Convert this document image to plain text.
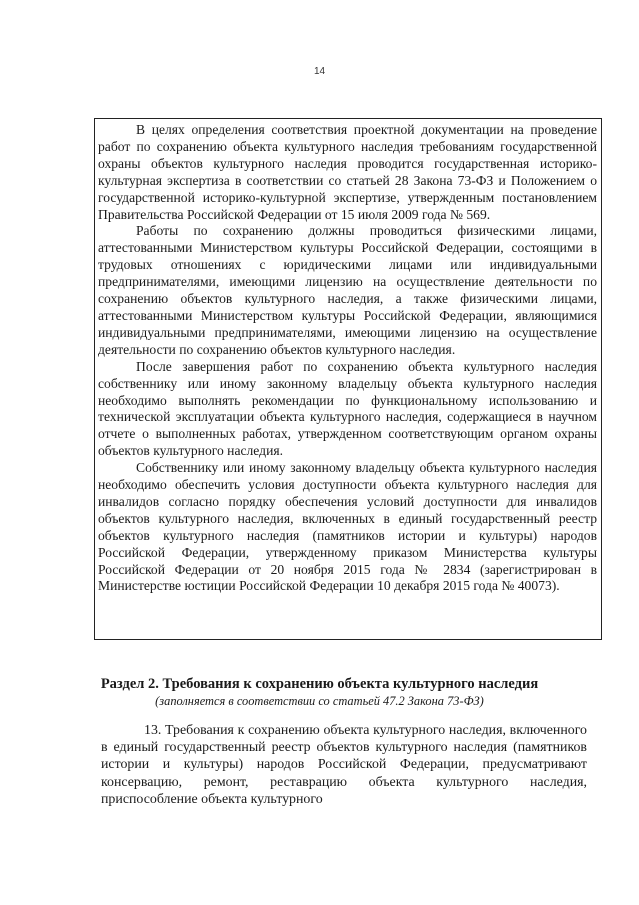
14

В целях определения соответствия проектной документации на проведение работ по сохранению объекта культурного наследия требованиям государственной охраны объектов культурного наследия проводится государственная историко-культурная экспертиза в соответствии со статьей 28 Закона 73-ФЗ и Положением о государственной историко-культурной экспертизе, утвержденным постановлением Правительства Российской Федерации от 15 июля 2009 года № 569.

Работы по сохранению должны проводиться физическими лицами, аттестованными Министерством культуры Российской Федерации, состоящими в трудовых отношениях с юридическими лицами или индивидуальными предпринимателями, имеющими лицензию на осуществление деятельности по сохранению объектов культурного наследия, а также физическими лицами, аттестованными Министерством культуры Российской Федерации, являющимися индивидуальными предпринимателями, имеющими лицензию на осуществление деятельности по сохранению объектов культурного наследия.

После завершения работ по сохранению объекта культурного наследия собственнику или иному законному владельцу объекта культурного наследия необходимо выполнять рекомендации по функциональному использованию и технической эксплуатации объекта культурного наследия, содержащиеся в научном отчете о выполненных работах, утвержденном соответствующим органом охраны объектов культурного наследия.

Собственнику или иному законному владельцу объекта культурного наследия необходимо обеспечить условия доступности объекта культурного наследия для инвалидов согласно порядку обеспечения условий доступности для инвалидов объектов культурного наследия, включенных в единый государственный реестр объектов культурного наследия (памятников истории и культуры) народов Российской Федерации, утвержденному приказом Министерства культуры Российской Федерации от 20 ноября 2015 года № 2834 (зарегистрирован в Министерстве юстиции Российской Федерации 10 декабря 2015 года № 40073).

Раздел 2. Требования к сохранению объекта культурного наследия
(заполняется в соответствии со статьей 47.2 Закона 73-ФЗ)

13. Требования к сохранению объекта культурного наследия, включенного в единый государственный реестр объектов культурного наследия (памятников истории и культуры) народов Российской Федерации, предусматривают консервацию, ремонт, реставрацию объекта культурного наследия, приспособление объекта культурного
